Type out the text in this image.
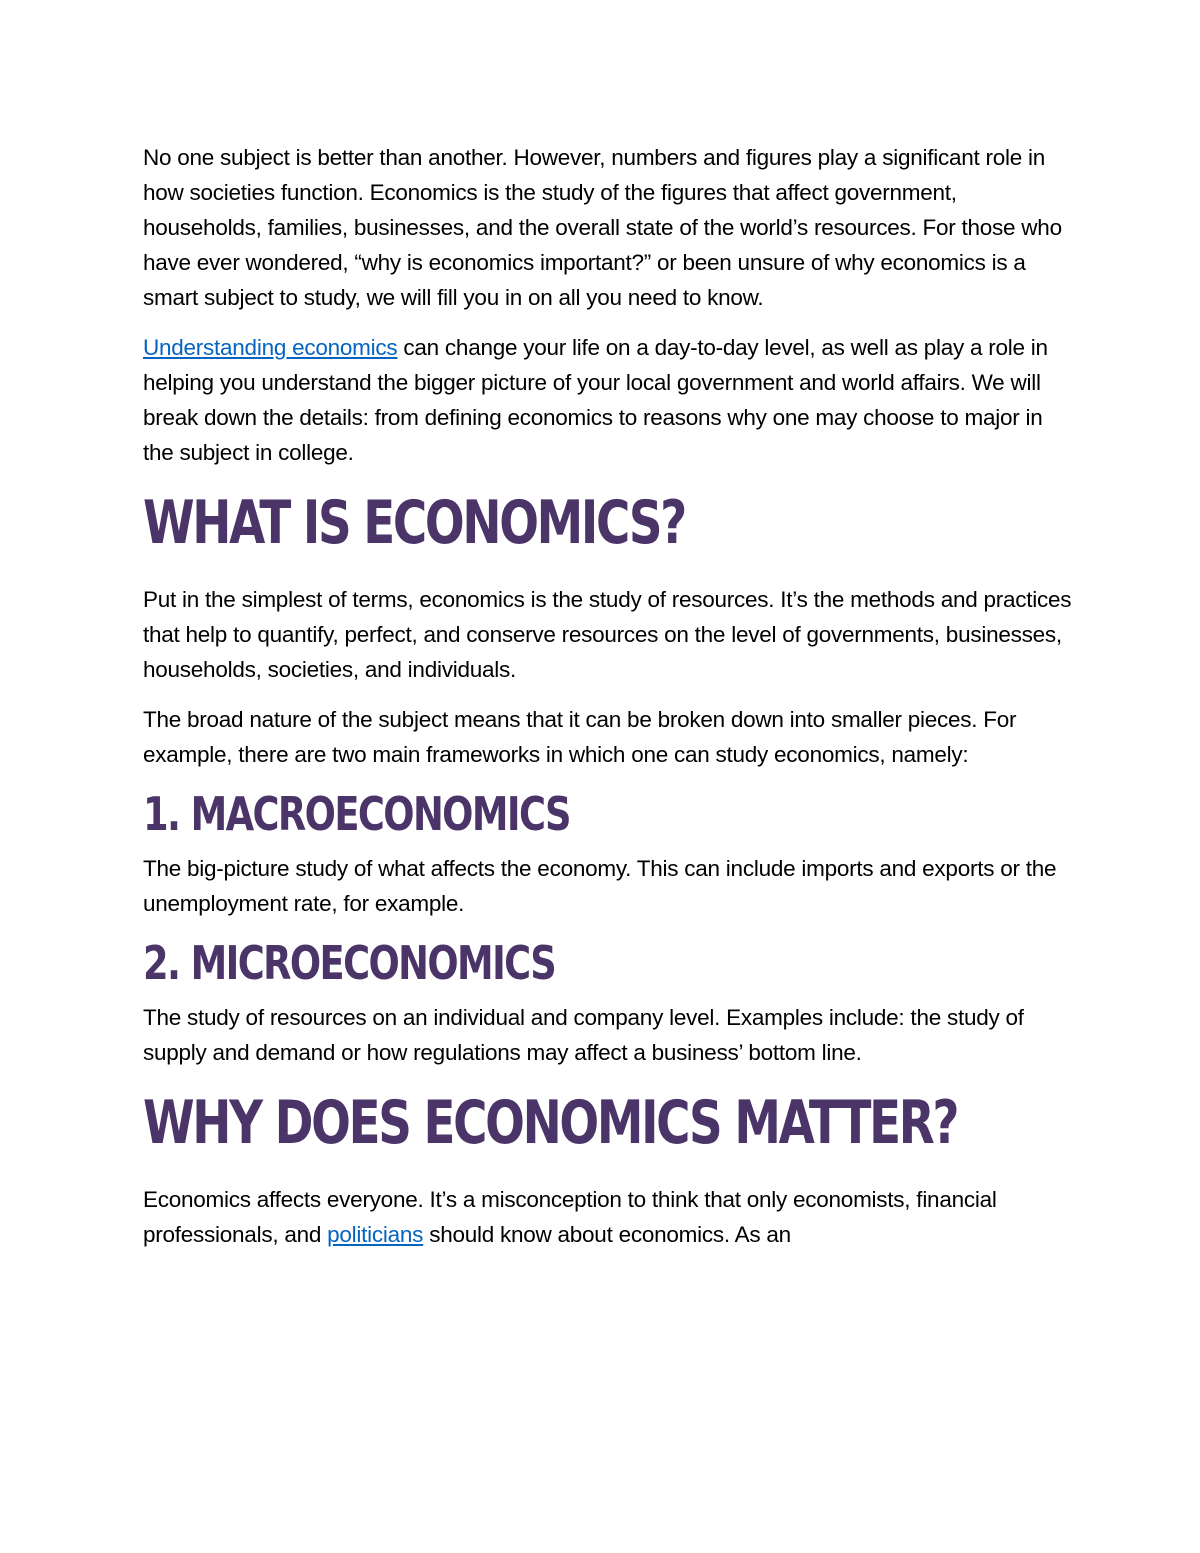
No one subject is better than another. However, numbers and figures play a significant role in how societies function. Economics is the study of the figures that affect government, households, families, businesses, and the overall state of the world’s resources. For those who have ever wondered, “why is economics important?” or been unsure of why economics is a smart subject to study, we will fill you in on all you need to know.

Understanding economics can change your life on a day-to-day level, as well as play a role in helping you understand the bigger picture of your local government and world affairs. We will break down the details: from defining economics to reasons why one may choose to major in the subject in college.

WHAT IS ECONOMICS?

Put in the simplest of terms, economics is the study of resources. It’s the methods and practices that help to quantify, perfect, and conserve resources on the level of governments, businesses, households, societies, and individuals.

The broad nature of the subject means that it can be broken down into smaller pieces. For example, there are two main frameworks in which one can study economics, namely:

1. MACROECONOMICS

The big-picture study of what affects the economy. This can include imports and exports or the unemployment rate, for example.

2. MICROECONOMICS

The study of resources on an individual and company level. Examples include: the study of supply and demand or how regulations may affect a business’ bottom line.

WHY DOES ECONOMICS MATTER?

Economics affects everyone. It’s a misconception to think that only economists, financial professionals, and politicians should know about economics. As an
